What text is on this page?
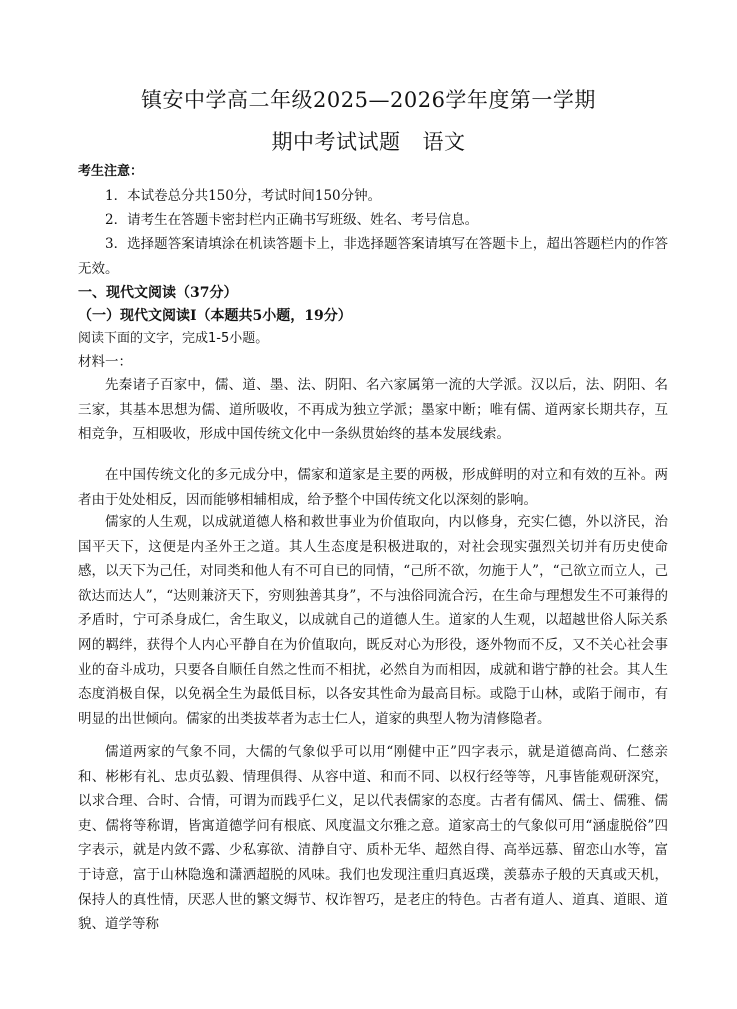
镇安中学高二年级2025—2026学年度第一学期
期中考试试题 语文
考生注意：
1．本试卷总分共150分，考试时间150分钟。
2．请考生在答题卡密封栏内正确书写班级、姓名、考号信息。
3．选择题答案请填涂在机读答题卡上，非选择题答案请填写在答题卡上，超出答题栏内的作答无效。
一、现代文阅读（37分）
（一）现代文阅读Ⅰ（本题共5小题，19分）
阅读下面的文字，完成1-5小题。
材料一：
先秦诸子百家中，儒、道、墨、法、阴阳、名六家属第一流的大学派。汉以后，法、阴阳、名三家，其基本思想为儒、道所吸收，不再成为独立学派；墨家中断；唯有儒、道两家长期共存，互相竞争，互相吸收，形成中国传统文化中一条纵贯始终的基本发展线索。
在中国传统文化的多元成分中，儒家和道家是主要的两极，形成鲜明的对立和有效的互补。两者由于处处相反，因而能够相辅相成，给予整个中国传统文化以深刻的影响。
儒家的人生观，以成就道德人格和救世事业为价值取向，内以修身，充实仁德，外以济民，治国平天下，这便是内圣外王之道。其人生态度是积极进取的，对社会现实强烈关切并有历史使命感，以天下为己任，对同类和他人有不可自已的同情，“己所不欲，勿施于人”，“己欲立而立人，己欲达而达人”，“达则兼济天下，穷则独善其身”，不与浊俗同流合污，在生命与理想发生不可兼得的矛盾时，宁可杀身成仁，舍生取义，以成就自己的道德人生。道家的人生观，以超越世俗人际关系网的羁绊，获得个人内心平静自在为价值取向，既反对心为形役，逐外物而不反，又不关心社会事业的奋斗成功，只要各自顺任自然之性而不相扰，必然自为而相因，成就和谐宁静的社会。其人生态度消极自保，以免祸全生为最低目标，以各安其性命为最高目标。或隐于山林，或陷于闹市，有明显的出世倾向。儒家的出类拔萃者为志士仁人，道家的典型人物为清修隐者。
儒道两家的气象不同，大儒的气象似乎可以用“刚健中正”四字表示，就是道德高尚、仁慈亲和、彬彬有礼、忠贞弘毅、情理俱得、从容中道、和而不同、以权行经等等，凡事皆能观研深究，以求合理、合时、合情，可谓为而践乎仁义，足以代表儒家的态度。古者有儒风、儒士、儒雅、儒吏、儒将等称谓，皆寓道德学问有根底、风度温文尔雅之意。道家高士的气象似可用“涵虚脱俗”四字表示，就是内敛不露、少私寡欲、清静自守、质朴无华、超然自得、高举远慕、留恋山水等，富于诗意，富于山林隐逸和潇洒超脱的风味。我们也发现注重归真返璞，羡慕赤子般的天真或天机，保持人的真性情，厌恶人世的繁文缛节、权诈智巧，是老庄的特色。古者有道人、道真、道眼、道貌、道学等称
